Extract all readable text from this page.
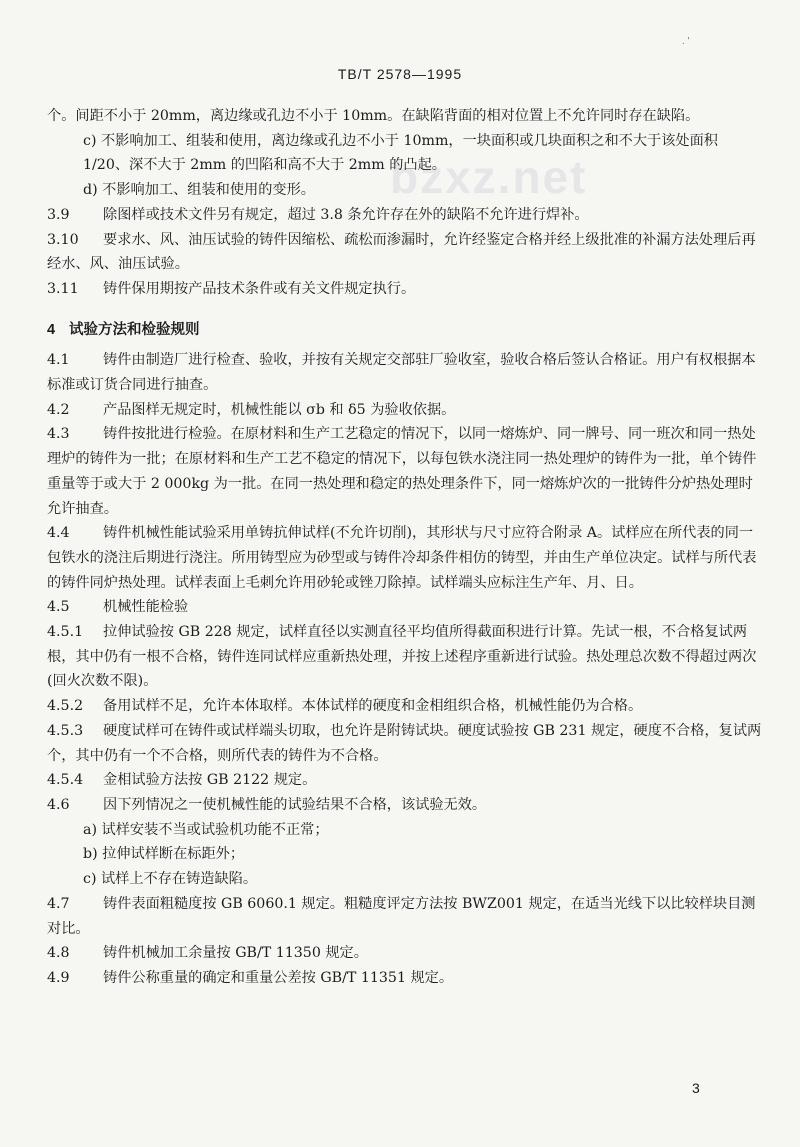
. '
TB/T 2578—1995
bzxz.net

个。间距不小于 20mm，离边缘或孔边不小于 10mm。在缺陷背面的相对位置上不允许同时存在缺陷。

c) 不影响加工、组装和使用，离边缘或孔边不小于 10mm，一块面积或几块面积之和不大于该处面积 1/20、深不大于 2mm 的凹陷和高不大于 2mm 的凸起。

d) 不影响加工、组装和使用的变形。

3.9 除图样或技术文件另有规定，超过 3.8 条允许存在外的缺陷不允许进行焊补。

3.10 要求水、风、油压试验的铸件因缩松、疏松而渗漏时，允许经鉴定合格并经上级批准的补漏方法处理后再经水、风、油压试验。

3.11 铸件保用期按产品技术条件或有关文件规定执行。

4 试验方法和检验规则

4.1 铸件由制造厂进行检查、验收，并按有关规定交部驻厂验收室，验收合格后签认合格证。用户有权根据本标准或订货合同进行抽查。

4.2 产品图样无规定时，机械性能以 σb 和 δ5 为验收依据。

4.3 铸件按批进行检验。在原材料和生产工艺稳定的情况下，以同一熔炼炉、同一牌号、同一班次和同一热处理炉的铸件为一批；在原材料和生产工艺不稳定的情况下，以每包铁水浇注同一热处理炉的铸件为一批，单个铸件重量等于或大于 2 000kg 为一批。在同一热处理和稳定的热处理条件下，同一熔炼炉次的一批铸件分炉热处理时允许抽查。

4.4 铸件机械性能试验采用单铸抗伸试样(不允许切削)，其形状与尺寸应符合附录 A。试样应在所代表的同一包铁水的浇注后期进行浇注。所用铸型应为砂型或与铸件冷却条件相仿的铸型，并由生产单位决定。试样与所代表的铸件同炉热处理。试样表面上毛刺允许用砂轮或锉刀除掉。试样端头应标注生产年、月、日。

4.5 机械性能检验

4.5.1 拉伸试验按 GB 228 规定，试样直径以实测直径平均值所得截面积进行计算。先试一根，不合格复试两根，其中仍有一根不合格，铸件连同试样应重新热处理，并按上述程序重新进行试验。热处理总次数不得超过两次(回火次数不限)。

4.5.2 备用试样不足，允许本体取样。本体试样的硬度和金相组织合格，机械性能仍为合格。

4.5.3 硬度试样可在铸件或试样端头切取，也允许是附铸试块。硬度试验按 GB 231 规定，硬度不合格，复试两个，其中仍有一个不合格，则所代表的铸件为不合格。

4.5.4 金相试验方法按 GB 2122 规定。

4.6 因下列情况之一使机械性能的试验结果不合格，该试验无效。

a) 试样安装不当或试验机功能不正常；

b) 拉伸试样断在标距外；

c) 试样上不存在铸造缺陷。

4.7 铸件表面粗糙度按 GB 6060.1 规定。粗糙度评定方法按 BWZ001 规定，在适当光线下以比较样块目测对比。

4.8 铸件机械加工余量按 GB/T 11350 规定。

4.9 铸件公称重量的确定和重量公差按 GB/T 11351 规定。

3
